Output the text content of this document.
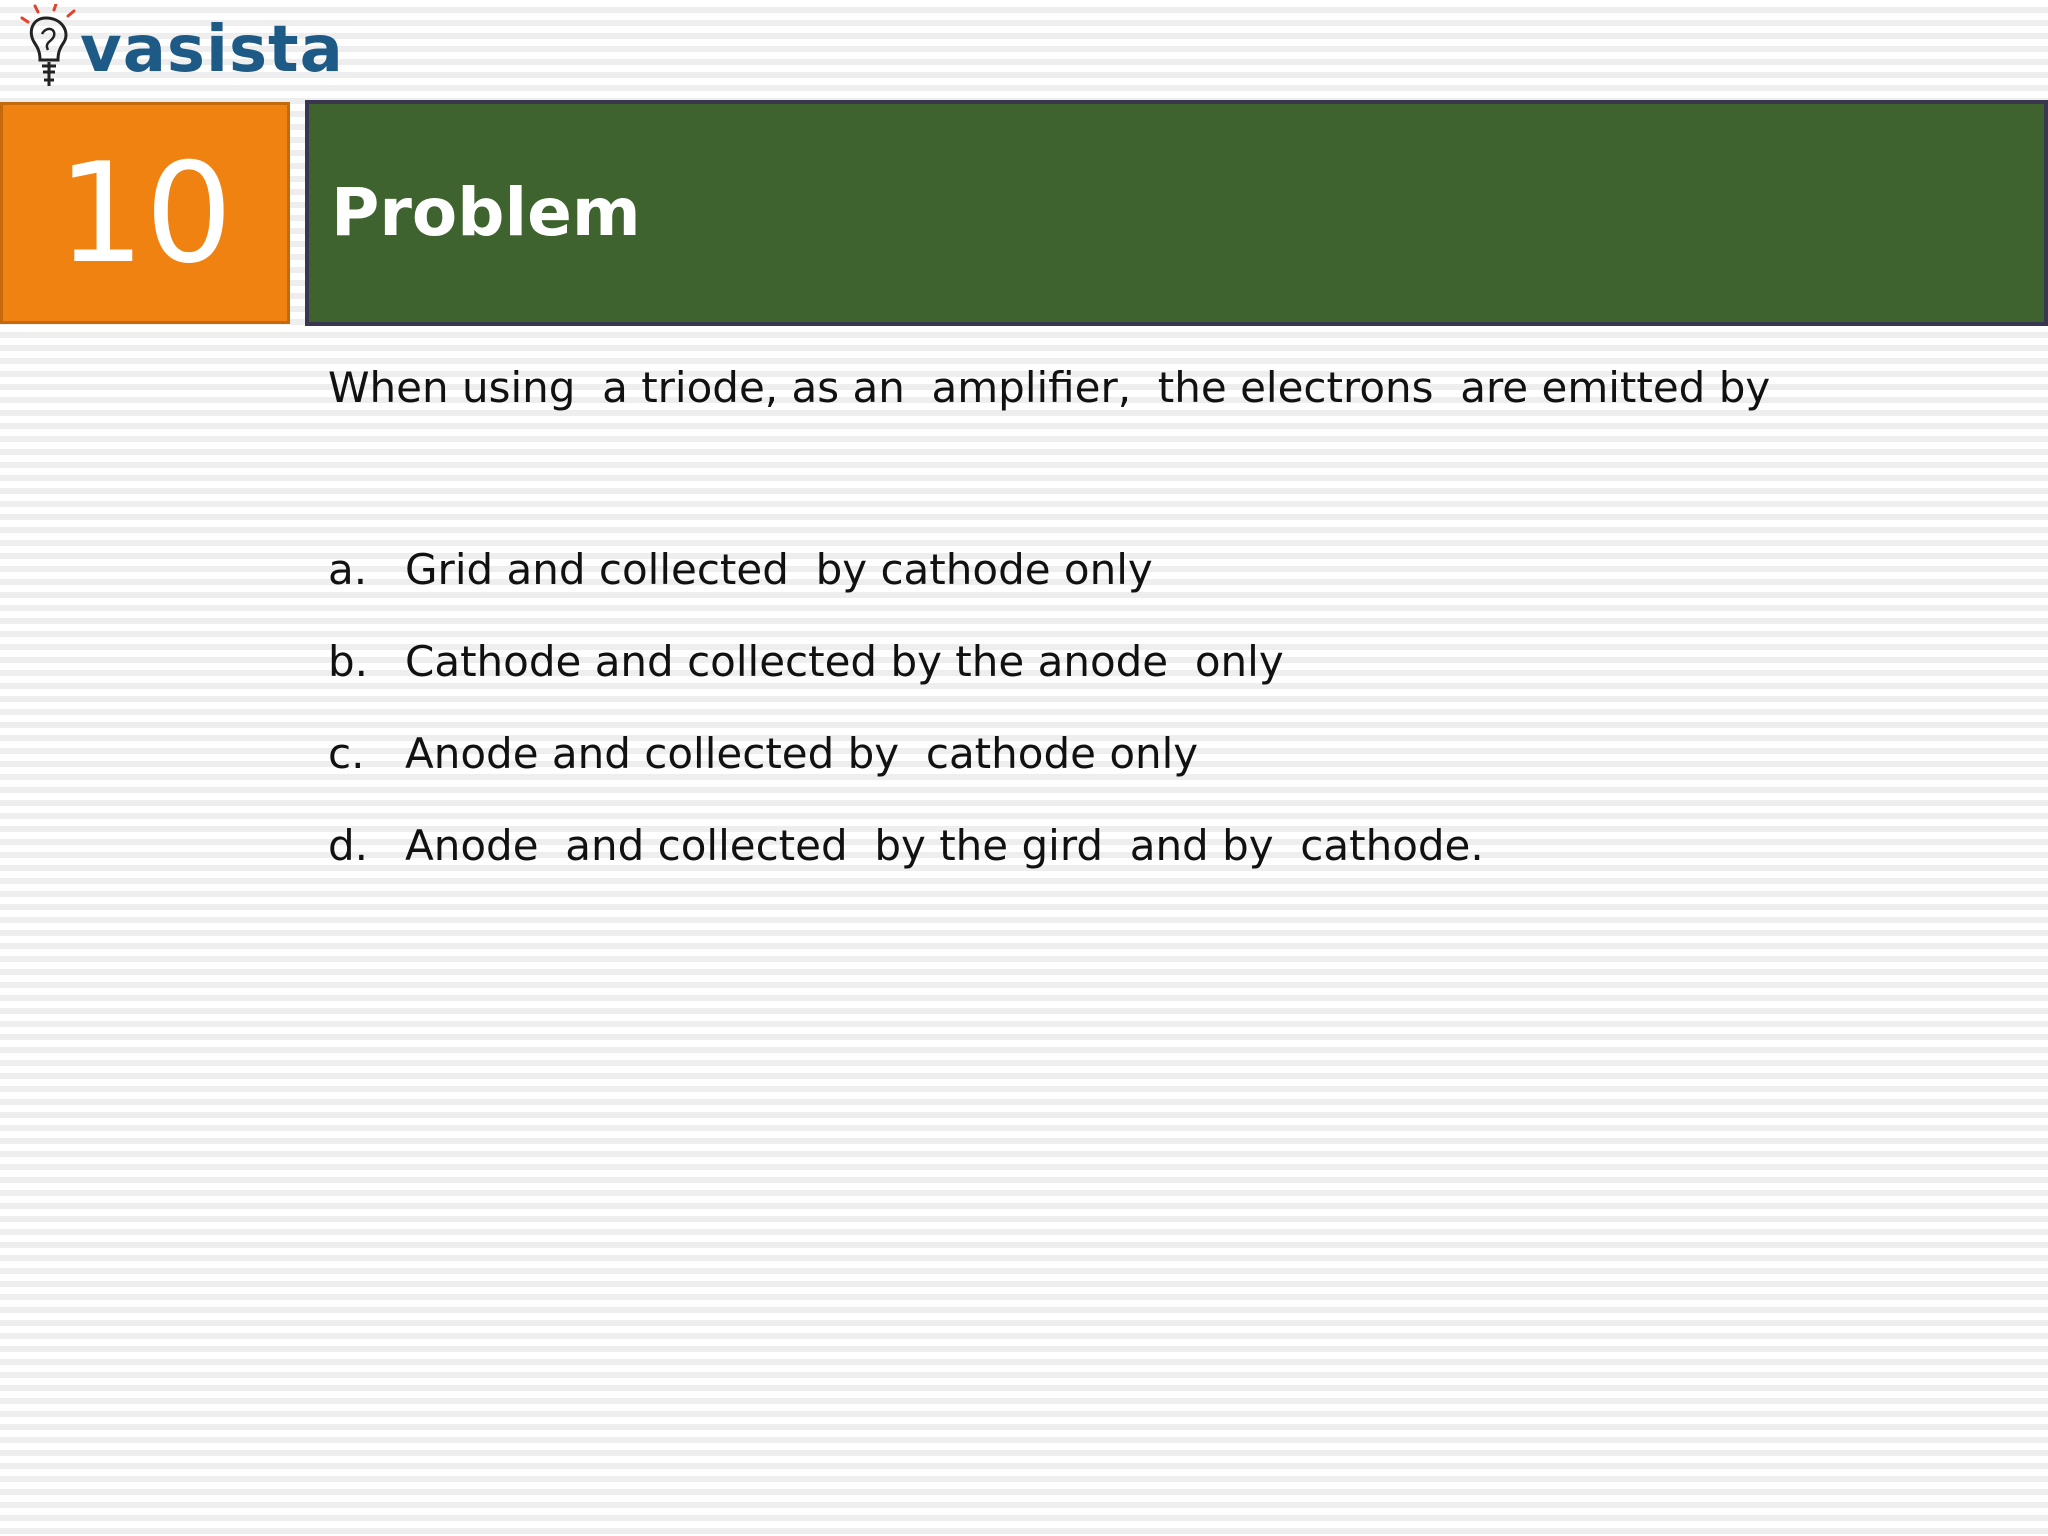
vasista
10 Problem

When using  a triode, as an  amplifier,  the electrons  are emitted by

a. Grid and collected  by cathode only
b. Cathode and collected by the anode  only
c. Anode and collected by  cathode only
d. Anode  and collected  by the gird  and by  cathode.
